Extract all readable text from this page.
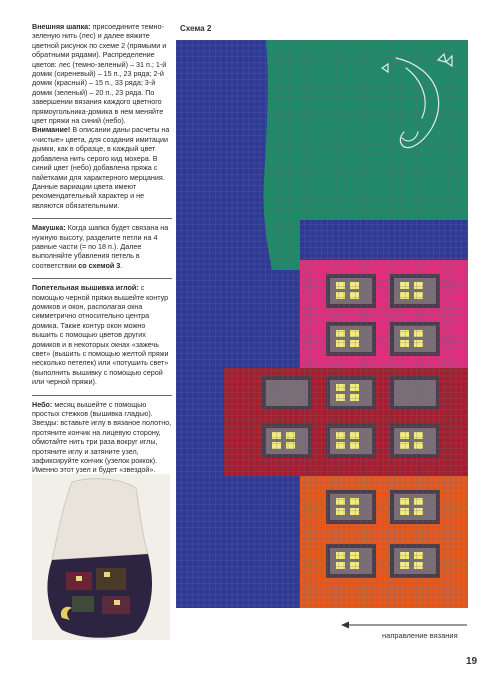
Внешняя шапка: присоедините темно-зеленую нить (лес) и далее вяжите цветной рисунок по схеме 2 (прямыми и обратными рядами). Распределение цветов: лес (темно-зеленый) – 31 п.; 1-й домик (сиреневый) – 15 п., 23 ряда; 2-й домик (красный) – 15 п., 33 ряда; 3-й домик (зеленый) – 20 п., 23 ряда. По завершении вязания каждого цветного прямоугольника-домика в нем меняйте цвет пряжи на синий (небо).
Внимание! В описании даны расчеты на «чистые» цвета, для создания имитации дымки, как в образце, в каждый цвет добавлена нить серого кид мохера. В синий цвет (небо) добавлена пряжа с пайетками для характерного мерцания. Данные вариации цвета имеют рекомендательный характер и не являются обязательными.

Макушка: Когда шапка будет связана на нужную высоту, разделите петли на 4 равные части (= по 18 п.). Далее выполняйте убавления петель в соответствии со схемой 3.

Попетельная вышивка иглой: с помощью черной пряжи вышейте контур домиков и окон, располагая окна симметрично относительно центра домика. Также контур окон можно вышить с помощью цветов других домиков и в некоторых окнах «зажечь свет» (вышить с помощью желтой пряжи несколько петелек) или «потушить свет» (выполнить вышивку с помощью серой или черной пряжи).

Небо: месяц вышейте с помощью простых стежков (вышивка гладью). Звезды: вставьте иглу в вязаное полотно, протяните кончик на лицевую сторону, обмотайте нить три раза вокруг иглы, протяните иглу и затяните узел, зафиксируйте кончик (узелок роккок). Именно этот узел и будет «звездой».

Схема 2
направление вязания
19
